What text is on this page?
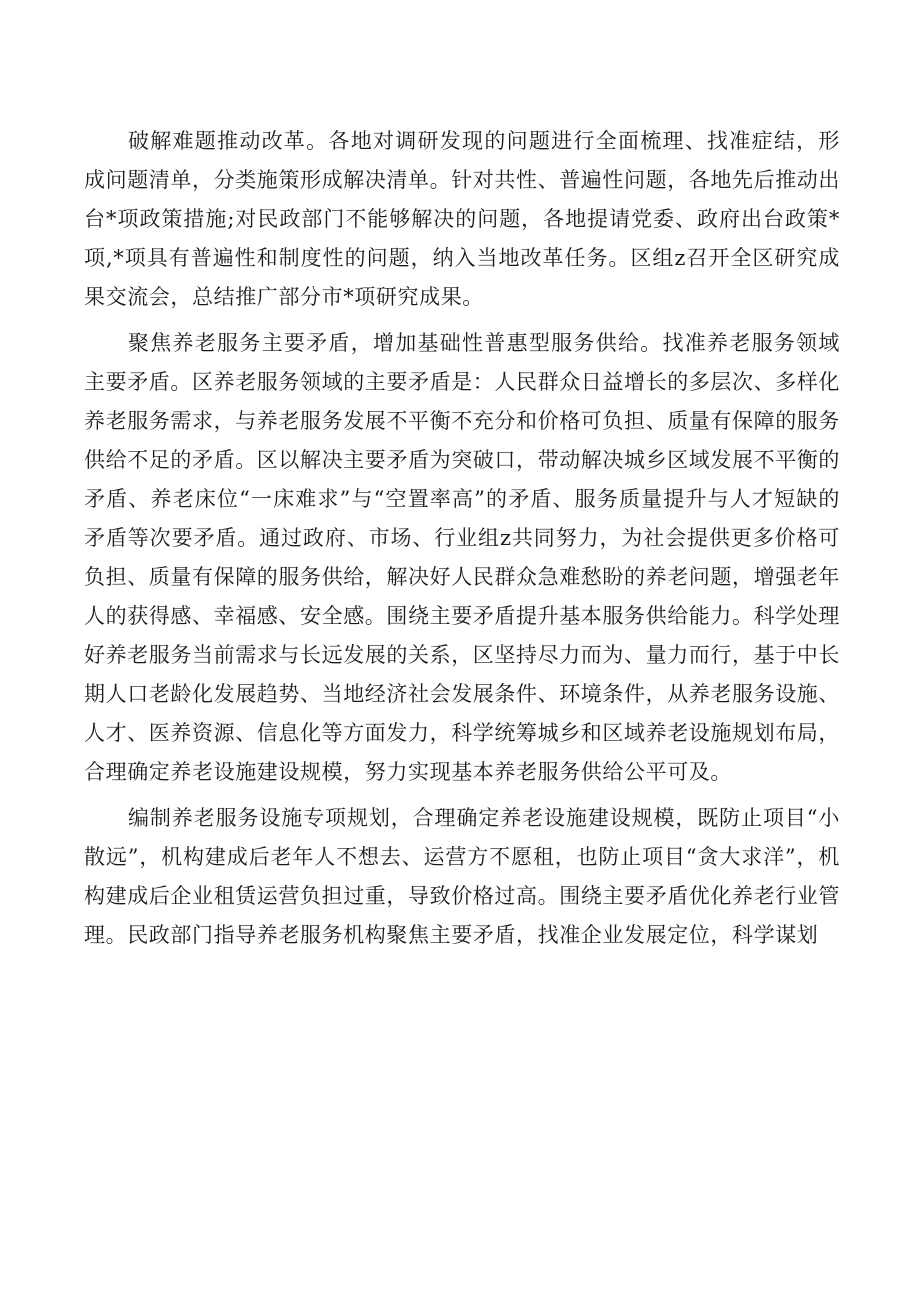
破解难题推动改革。各地对调研发现的问题进行全面梳理、找准症结，形成问题清单，分类施策形成解决清单。针对共性、普遍性问题，各地先后推动出台*项政策措施;对民政部门不能够解决的问题，各地提请党委、政府出台政策*项,*项具有普遍性和制度性的问题，纳入当地改革任务。区组z召开全区研究成果交流会，总结推广部分市*项研究成果。

聚焦养老服务主要矛盾，增加基础性普惠型服务供给。找准养老服务领域主要矛盾。区养老服务领域的主要矛盾是：人民群众日益增长的多层次、多样化养老服务需求，与养老服务发展不平衡不充分和价格可负担、质量有保障的服务供给不足的矛盾。区以解决主要矛盾为突破口，带动解决城乡区域发展不平衡的矛盾、养老床位“一床难求”与“空置率高”的矛盾、服务质量提升与人才短缺的矛盾等次要矛盾。通过政府、市场、行业组z共同努力，为社会提供更多价格可负担、质量有保障的服务供给，解决好人民群众急难愁盼的养老问题，增强老年人的获得感、幸福感、安全感。围绕主要矛盾提升基本服务供给能力。科学处理好养老服务当前需求与长远发展的关系，区坚持尽力而为、量力而行，基于中长期人口老龄化发展趋势、当地经济社会发展条件、环境条件，从养老服务设施、人才、医养资源、信息化等方面发力，科学统筹城乡和区域养老设施规划布局，合理确定养老设施建设规模，努力实现基本养老服务供给公平可及。

编制养老服务设施专项规划，合理确定养老设施建设规模，既防止项目“小散远”，机构建成后老年人不想去、运营方不愿租，也防止项目“贪大求洋”，机构建成后企业租赁运营负担过重，导致价格过高。围绕主要矛盾优化养老行业管理。民政部门指导养老服务机构聚焦主要矛盾，找准企业发展定位，科学谋划
